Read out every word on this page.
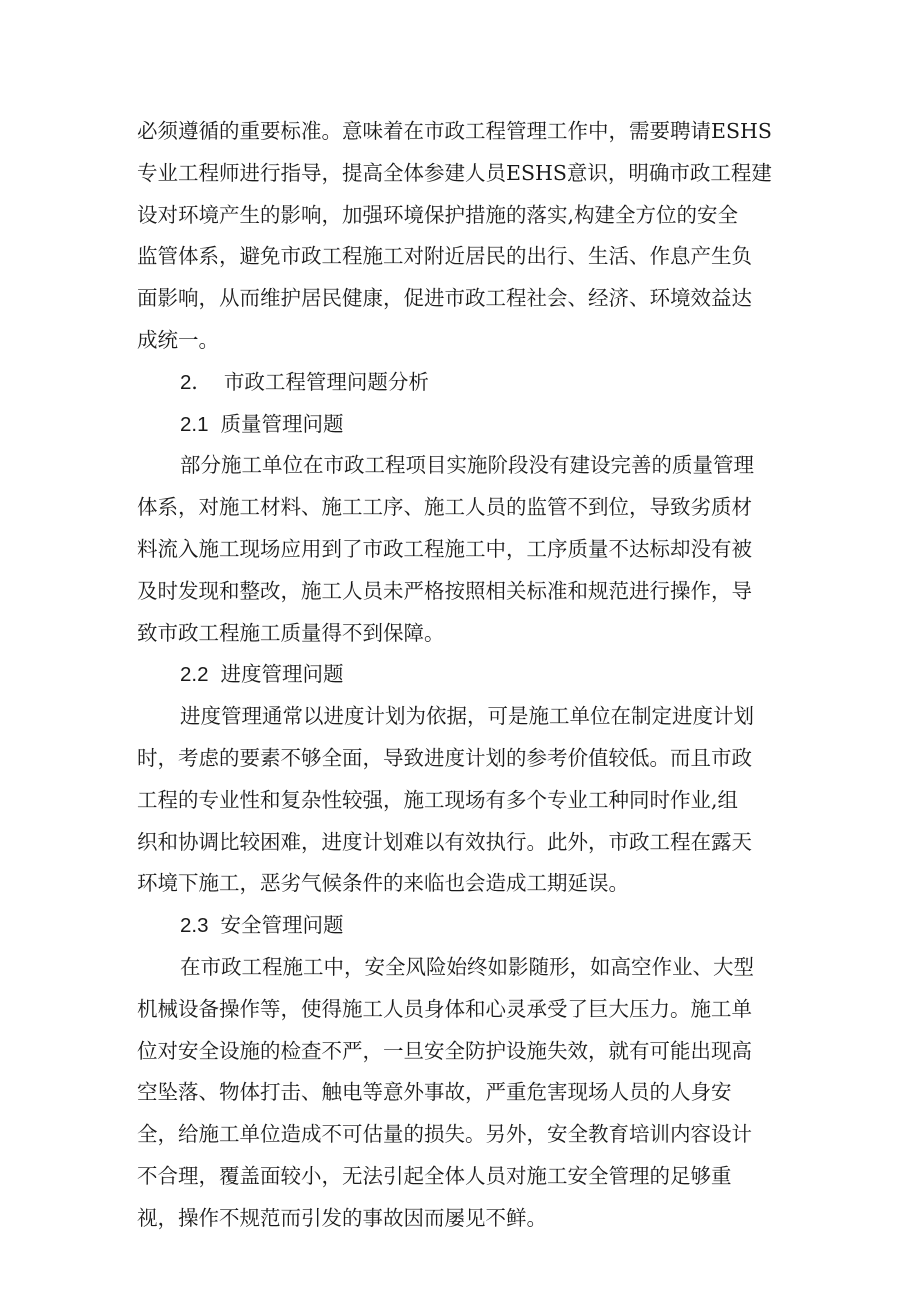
必须遵循的重要标准。意味着在市政工程管理工作中，需要聘请ESHS
专业工程师进行指导，提高全体参建人员ESHS意识，明确市政工程建
设对环境产生的影响，加强环境保护措施的落实,构建全方位的安全
监管体系，避免市政工程施工对附近居民的出行、生活、作息产生负
面影响，从而维护居民健康，促进市政工程社会、经济、环境效益达
成统一。
2． 市政工程管理问题分析
2.1 质量管理问题
部分施工单位在市政工程项目实施阶段没有建设完善的质量管理
体系，对施工材料、施工工序、施工人员的监管不到位，导致劣质材
料流入施工现场应用到了市政工程施工中，工序质量不达标却没有被
及时发现和整改，施工人员未严格按照相关标准和规范进行操作，导
致市政工程施工质量得不到保障。
2.2 进度管理问题
进度管理通常以进度计划为依据，可是施工单位在制定进度计划
时，考虑的要素不够全面，导致进度计划的参考价值较低。而且市政
工程的专业性和复杂性较强，施工现场有多个专业工种同时作业,组
织和协调比较困难，进度计划难以有效执行。此外，市政工程在露天
环境下施工，恶劣气候条件的来临也会造成工期延误。
2.3 安全管理问题
在市政工程施工中，安全风险始终如影随形，如高空作业、大型
机械设备操作等，使得施工人员身体和心灵承受了巨大压力。施工单
位对安全设施的检查不严，一旦安全防护设施失效，就有可能出现高
空坠落、物体打击、触电等意外事故，严重危害现场人员的人身安
全，给施工单位造成不可估量的损失。另外，安全教育培训内容设计
不合理，覆盖面较小，无法引起全体人员对施工安全管理的足够重
视，操作不规范而引发的事故因而屡见不鲜。
